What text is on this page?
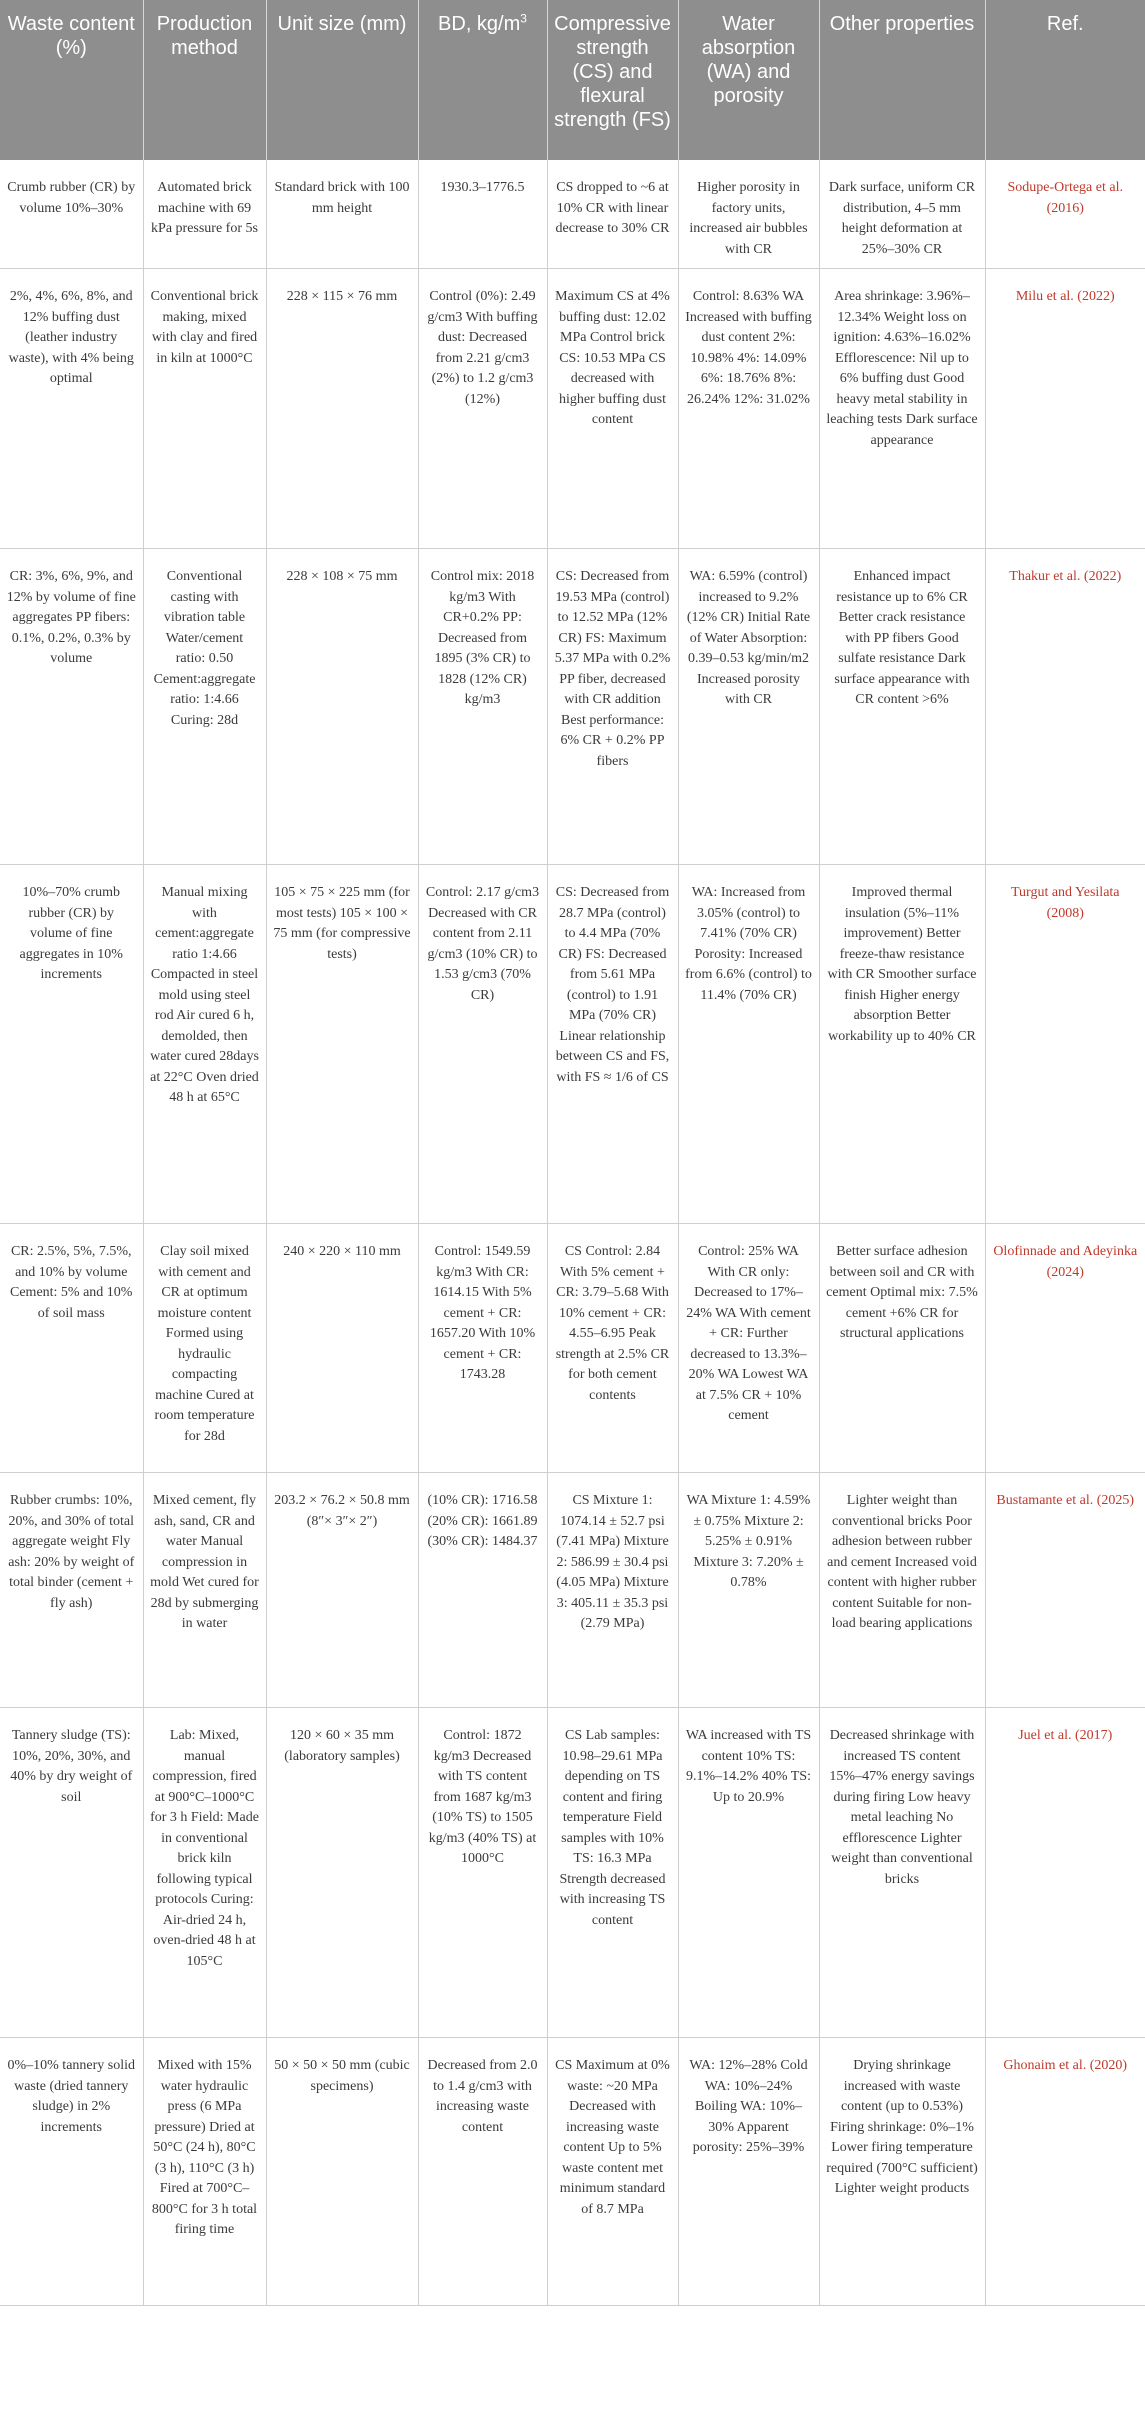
Waste content (%)	Production method	Unit size (mm)	BD, $kg/m^3$	Compressive strength (CS) and flexural strength (FS)	Water absorption (WA) and porosity	Other properties	Ref.
Crumb rubber (CR) by volume 10%–30%	Automated brick machine with 69 kPa pressure for 5s	Standard brick with 100 mm height	1930.3–1776.5	CS dropped to ~6 at 10% CR with linear decrease to 30% CR	Higher porosity in factory units, increased air bubbles with CR	Dark surface, uniform CR distribution, 4–5 mm height deformation at 25%–30% CR	Sodupe-Ortega et al. (2016)
2%, 4%, 6%, 8%, and 12% buffing dust (leather industry waste), with 4% being optimal	Conventional brick making, mixed with clay and fired in kiln at 1000°C	228 × 115 × 76 mm	Control (0%): 2.49 g/cm3 With buffing dust: Decreased from 2.21 g/cm3 (2%) to 1.2 g/cm3 (12%)	Maximum CS at 4% buffing dust: 12.02 MPa Control brick CS: 10.53 MPa CS decreased with higher buffing dust content	Control: 8.63% WA Increased with buffing dust content 2%: 10.98% 4%: 14.09% 6%: 18.76% 8%: 26.24% 12%: 31.02%	Area shrinkage: 3.96%–12.34% Weight loss on ignition: 4.63%–16.02% Efflorescence: Nil up to 6% buffing dust Good heavy metal stability in leaching tests Dark surface appearance	Milu et al. (2022)
CR: 3%, 6%, 9%, and 12% by volume of fine aggregates PP fibers: 0.1%, 0.2%, 0.3% by volume	Conventional casting with vibration table Water/cement ratio: 0.50 Cement:aggregate ratio: 1:4.66 Curing: 28d	228 × 108 × 75 mm	Control mix: 2018 kg/m3 With CR+0.2% PP: Decreased from 1895 (3% CR) to 1828 (12% CR) kg/m3	CS: Decreased from 19.53 MPa (control) to 12.52 MPa (12% CR) FS: Maximum 5.37 MPa with 0.2% PP fiber, decreased with CR addition Best performance: 6% CR + 0.2% PP fibers	WA: 6.59% (control) increased to 9.2% (12% CR) Initial Rate of Water Absorption: 0.39–0.53 kg/min/m2 Increased porosity with CR	Enhanced impact resistance up to 6% CR Better crack resistance with PP fibers Good sulfate resistance Dark surface appearance with CR content >6%	Thakur et al. (2022)
10%–70% crumb rubber (CR) by volume of fine aggregates in 10% increments	Manual mixing with cement:aggregate ratio 1:4.66 Compacted in steel mold using steel rod Air cured 6 h, demolded, then water cured 28days at 22°C Oven dried 48 h at 65°C	105 × 75 × 225 mm (for most tests) 105 × 100 × 75 mm (for compressive tests)	Control: 2.17 g/cm3 Decreased with CR content from 2.11 g/cm3 (10% CR) to 1.53 g/cm3 (70% CR)	CS: Decreased from 28.7 MPa (control) to 4.4 MPa (70% CR) FS: Decreased from 5.61 MPa (control) to 1.91 MPa (70% CR) Linear relationship between CS and FS, with FS ≈ 1/6 of CS	WA: Increased from 3.05% (control) to 7.41% (70% CR) Porosity: Increased from 6.6% (control) to 11.4% (70% CR)	Improved thermal insulation (5%–11% improvement) Better freeze-thaw resistance with CR Smoother surface finish Higher energy absorption Better workability up to 40% CR	Turgut and Yesilata (2008)
CR: 2.5%, 5%, 7.5%, and 10% by volume Cement: 5% and 10% of soil mass	Clay soil mixed with cement and CR at optimum moisture content Formed using hydraulic compacting machine Cured at room temperature for 28d	240 × 220 × 110 mm	Control: 1549.59 kg/m3 With CR: 1614.15 With 5% cement + CR: 1657.20 With 10% cement + CR: 1743.28	CS Control: 2.84 With 5% cement + CR: 3.79–5.68 With 10% cement + CR: 4.55–6.95 Peak strength at 2.5% CR for both cement contents	Control: 25% WA With CR only: Decreased to 17%–24% WA With cement + CR: Further decreased to 13.3%–20% WA Lowest WA at 7.5% CR + 10% cement	Better surface adhesion between soil and CR with cement Optimal mix: 7.5% cement +6% CR for structural applications	Olofinnade and Adeyinka (2024)
Rubber crumbs: 10%, 20%, and 30% of total aggregate weight Fly ash: 20% by weight of total binder (cement + fly ash)	Mixed cement, fly ash, sand, CR and water Manual compression in mold Wet cured for 28d by submerging in water	203.2 × 76.2 × 50.8 mm (8″× 3″× 2″)	(10% CR): 1716.58 (20% CR): 1661.89 (30% CR): 1484.37	CS Mixture 1: 1074.14 ± 52.7 psi (7.41 MPa) Mixture 2: 586.99 ± 30.4 psi (4.05 MPa) Mixture 3: 405.11 ± 35.3 psi (2.79 MPa)	WA Mixture 1: 4.59% ± 0.75% Mixture 2: 5.25% ± 0.91% Mixture 3: 7.20% ± 0.78%	Lighter weight than conventional bricks Poor adhesion between rubber and cement Increased void content with higher rubber content Suitable for non-load bearing applications	Bustamante et al. (2025)
Tannery sludge (TS): 10%, 20%, 30%, and 40% by dry weight of soil	Lab: Mixed, manual compression, fired at 900°C–1000°C for 3 h Field: Made in conventional brick kiln following typical protocols Curing: Air-dried 24 h, oven-dried 48 h at 105°C	120 × 60 × 35 mm (laboratory samples)	Control: 1872 kg/m3 Decreased with TS content from 1687 kg/m3 (10% TS) to 1505 kg/m3 (40% TS) at 1000°C	CS Lab samples: 10.98–29.61 MPa depending on TS content and firing temperature Field samples with 10% TS: 16.3 MPa Strength decreased with increasing TS content	WA increased with TS content 10% TS: 9.1%–14.2% 40% TS: Up to 20.9%	Decreased shrinkage with increased TS content 15%–47% energy savings during firing Low heavy metal leaching No efflorescence Lighter weight than conventional bricks	Juel et al. (2017)
0%–10% tannery solid waste (dried tannery sludge) in 2% increments	Mixed with 15% water hydraulic press (6 MPa pressure) Dried at 50°C (24 h), 80°C (3 h), 110°C (3 h) Fired at 700°C–800°C for 3 h total firing time	50 × 50 × 50 mm (cubic specimens)	Decreased from 2.0 to 1.4 g/cm3 with increasing waste content	CS Maximum at 0% waste: ~20 MPa Decreased with increasing waste content Up to 5% waste content met minimum standard of 8.7 MPa	WA: 12%–28% Cold WA: 10%–24% Boiling WA: 10%–30% Apparent porosity: 25%–39%	Drying shrinkage increased with waste content (up to 0.53%) Firing shrinkage: 0%–1% Lower firing temperature required (700°C sufficient) Lighter weight products	Ghonaim et al. (2020)
